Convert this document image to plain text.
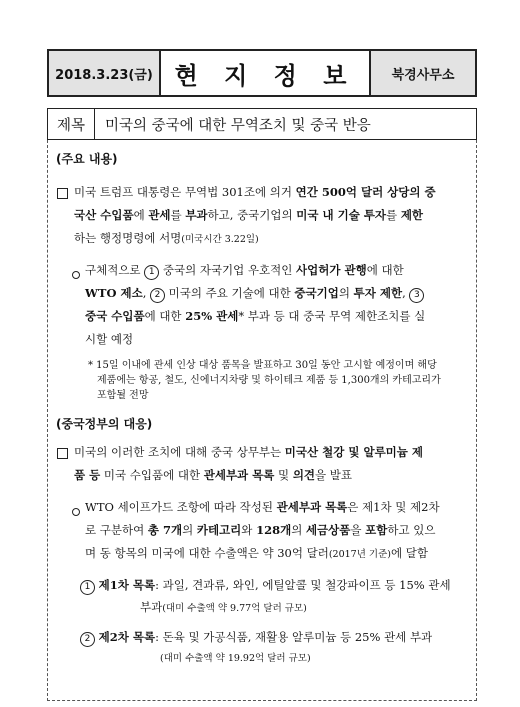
2018.3.23(금) 현 지 정 보	북경사무소
제목	미국의 중국에 대한 무역조치 및 중국 반응
(주요 내용)
미국 트럼프 대통령은 무역법 301조에 의거 연간 500억 달러 상당의 중
국산 수입품에 관세를 부과하고, 중국기업의 미국 내 기술 투자를 제한
하는 행정명령에 서명(미국시간 3.22일)
구체적으로 1 중국의 자국기업 우호적인 사업허가 관행에 대한
WTO 제소, 2 미국의 주요 기술에 대한 중국기업의 투자 제한, 3
중국 수입품에 대한 25% 관세* 부과 등 대 중국 무역 제한조치를 실
시할 예정
* 15일 이내에 관세 인상 대상 품목을 발표하고 30일 동안 고시할 예정이며 해당
제품에는 항공, 철도, 신에너지차량 및 하이테크 제품 등 1,300개의 카테고리가
포함될 전망
(중국정부의 대응)
미국의 이러한 조치에 대해 중국 상무부는 미국산 철강 및 알루미늄 제
품 등 미국 수입품에 대한 관세부과 목록 및 의견을 발표
WTO 세이프가드 조항에 따라 작성된 관세부과 목록은 제1차 및 제2차
로 구분하여 총 7개의 카테고리와 128개의 세금상품을 포함하고 있으
며 동 항목의 미국에 대한 수출액은 약 30억 달러(2017년 기준)에 달함
1 제1차 목록: 과일, 견과류, 와인, 에틸알콜 및 철강파이프 등 15% 관세
부과(대미 수출액 약 9.77억 달러 규모)
2 제2차 목록: 돈육 및 가공식품, 재활용 알루미늄 등 25% 관세 부과
(대미 수출액 약 19.92억 달러 규모)
